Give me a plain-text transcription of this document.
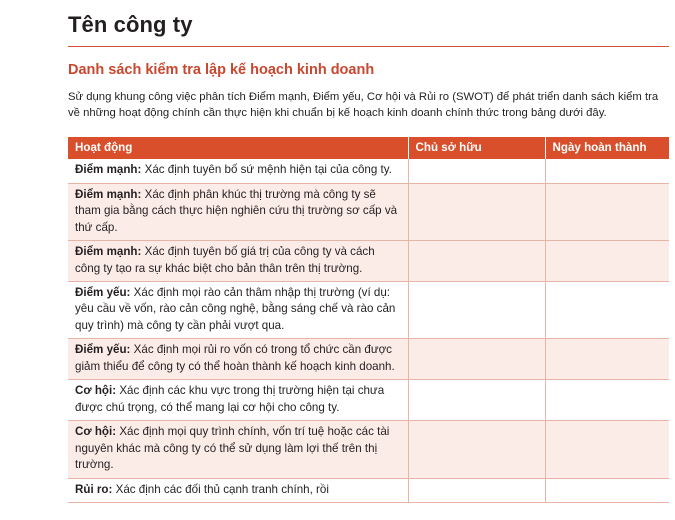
Tên công ty
Danh sách kiểm tra lập kế hoạch kinh doanh

Sử dụng khung công việc phân tích Điểm mạnh, Điểm yếu, Cơ hội và Rủi ro (SWOT) để phát triển danh sách kiểm tra về những hoạt động chính cần thực hiện khi chuẩn bị kế hoạch kinh doanh chính thức trong bảng dưới đây.

Hoạt động	Chủ sở hữu	Ngày hoàn thành
Điểm mạnh: Xác định tuyên bố sứ mệnh hiện tại của công ty.		
Điểm mạnh: Xác định phân khúc thị trường mà công ty sẽ tham gia bằng cách thực hiện nghiên cứu thị trường sơ cấp và thứ cấp.		
Điểm mạnh: Xác định tuyên bố giá trị của công ty và cách công ty tạo ra sự khác biệt cho bản thân trên thị trường.		
Điểm yếu: Xác định mọi rào cản thâm nhập thị trường (ví dụ: yêu cầu về vốn, rào cản công nghệ, bằng sáng chế và rào cản quy trình) mà công ty cần phải vượt qua.		
Điểm yếu: Xác định mọi rủi ro vốn có trong tổ chức cần được giảm thiểu để công ty có thể hoàn thành kế hoạch kinh doanh.		
Cơ hội: Xác định các khu vực trong thị trường hiện tại chưa được chú trọng, có thể mang lại cơ hội cho công ty.		
Cơ hội: Xác định mọi quy trình chính, vốn trí tuệ hoặc các tài nguyên khác mà công ty có thể sử dụng làm lợi thế trên thị trường.		
Rủi ro: Xác định các đối thủ cạnh tranh chính, rồi		
